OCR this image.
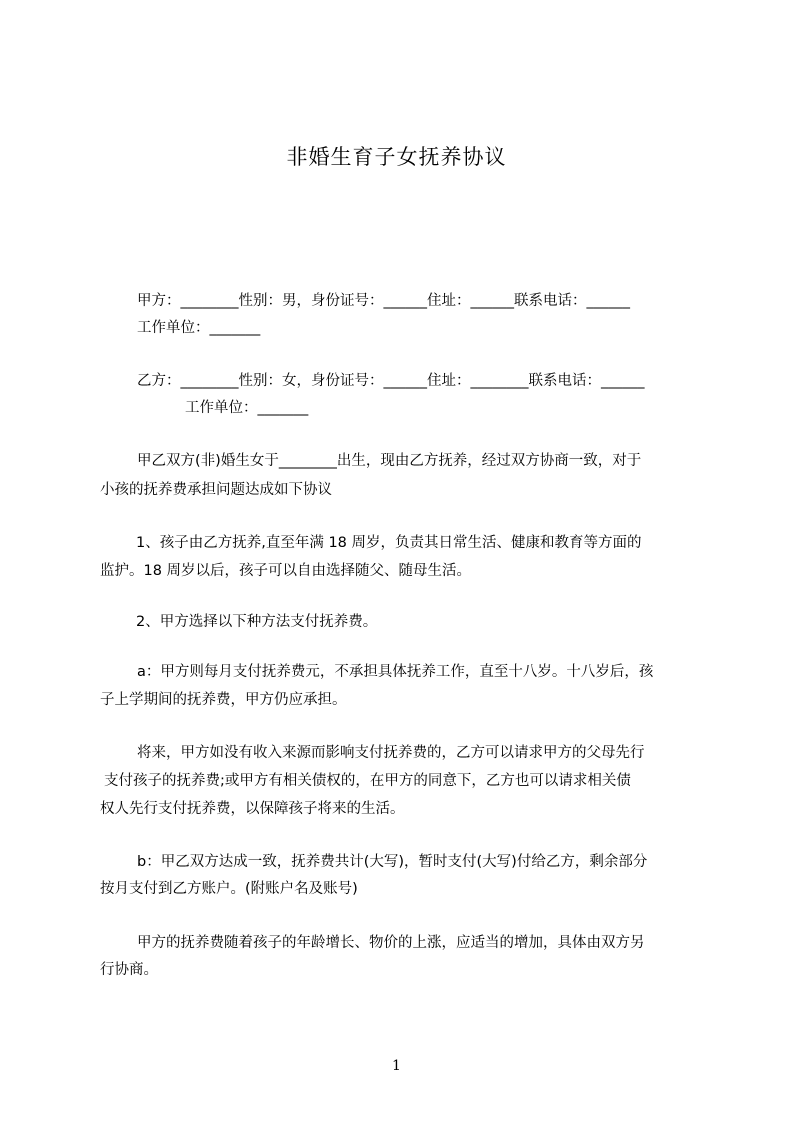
非婚生育子女抚养协议
甲方：________性别：男，身份证号：______住址：______联系电话：______
工作单位：_______
乙方：________性别：女，身份证号：______住址：________联系电话：______
工作单位：_______
甲乙双方(非)婚生女于________出生，现由乙方抚养，经过双方协商一致，对于
小孩的抚养费承担问题达成如下协议
1、孩子由乙方抚养,直至年满 18 周岁，负责其日常生活、健康和教育等方面的
监护。18 周岁以后，孩子可以自由选择随父、随母生活。
2、甲方选择以下种方法支付抚养费。
a：甲方则每月支付抚养费元，不承担具体抚养工作，直至十八岁。十八岁后，孩
子上学期间的抚养费，甲方仍应承担。
将来，甲方如没有收入来源而影响支付抚养费的，乙方可以请求甲方的父母先行
支付孩子的抚养费;或甲方有相关债权的，在甲方的同意下，乙方也可以请求相关债
权人先行支付抚养费，以保障孩子将来的生活。
b：甲乙双方达成一致，抚养费共计(大写)，暂时支付(大写)付给乙方，剩余部分
按月支付到乙方账户。(附账户名及账号)
甲方的抚养费随着孩子的年龄增长、物价的上涨，应适当的增加，具体由双方另
行协商。
1
